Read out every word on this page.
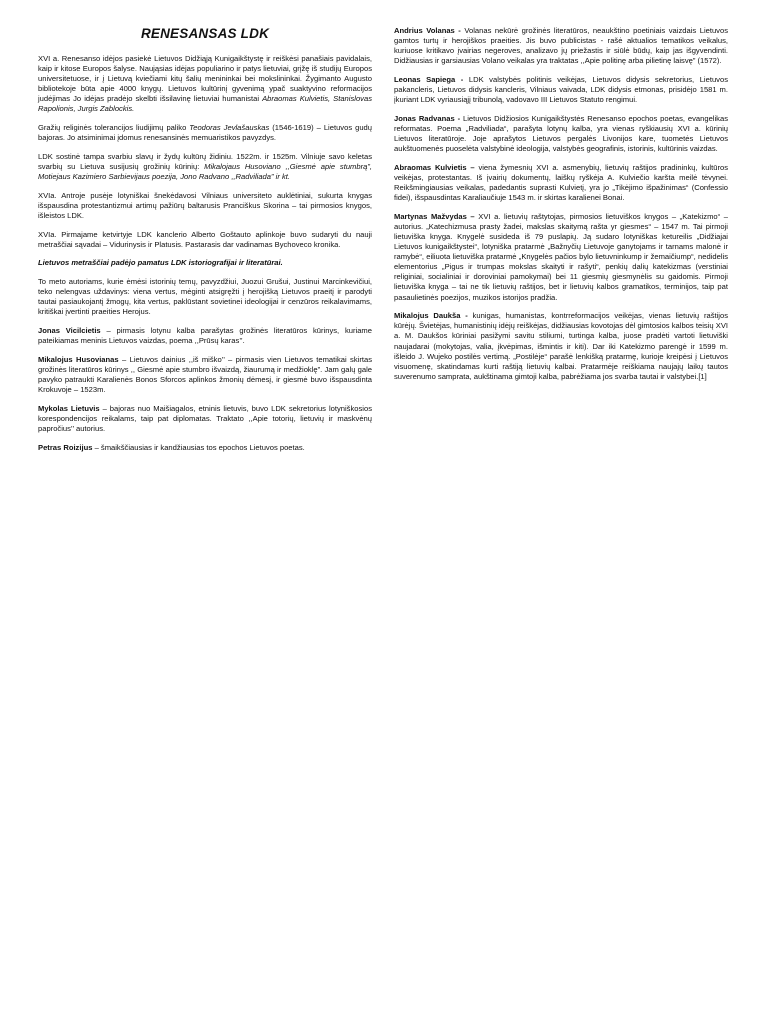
RENESANSAS LDK

XVI a. Renesanso idėjos pasiekė Lietuvos Didžiąją Kunigaikštystę ir reiškėsi panašiais pavidalais, kaip ir kitose Europos šalyse. Naująsias idėjas populiarino ir patys lietuviai, grįžę iš studijų Europos universitetuose, ir į Lietuvą kviečiami kitų šalių menininkai bei mokslininkai. Žygimanto Augusto bibliotekoje būta apie 4000 knygų. Lietuvos kultūrinį gyvenimą ypač suaktyvino reformacijos judėjimas Jo idėjas pradėjo skelbti išsilavinę lietuviai humanistai Abraomas Kulvietis, Stanislovas Rapolionis, Jurgis Zablockis.

Gražių religinės tolerancijos liudijimų paliko Teodoras Jevlašauskas (1546-1619) – Lietuvos gudų bajoras. Jo atsiminimai įdomus renesansinės memuaristikos pavyzdys.

LDK sostinė tampa svarbiu slavų ir žydų kultūrų židiniu. 1522m. ir 1525m. Vilniuje savo keletas svarbių su Lietuva susijusių grožinių kūrinių: Mikalojaus Husoviano ,,Giesmė apie stumbrą”, Motiejaus Kazimiero Sarbievijaus poezija, Jono Radvano ,,Radviliada” ir kt.

XVIa. Antroje pusėje lotyniškai šnekėdavosi Vilniaus universiteto auklėtiniai, sukurta knygas išspausdina protestantizmui artimų pažiūrų baltarusis Pranciškus Skorina – tai pirmosios knygos, išleistos LDK.

XVIa. Pirmajame ketvirtyje LDK kanclerio Alberto Goštauto aplinkoje buvo sudaryti du nauji metraščiai sąvadai – Vidurinysis ir Platusis. Pastarasis dar vadinamas Bychoveco kronika.

Lietuvos metraščiai padėjo pamatus LDK istoriografijai ir literatūrai.

To meto autoriams, kurie ėmėsi istorinių temų, pavyzdžiui, Juozui Grušui, Justinui Marcinkevičiui, teko nelengvas uždavinys: viena vertus, mėginti atsigręžti į herojišką Lietuvos praeitį ir parodyti tautai pasiaukojantį žmogų, kita vertus, paklūstant sovietinei ideologijai ir cenzūros reikalavimams, kritiškai įvertinti praeities Herojus.

Jonas Vicilcietis – pirmasis lotynu kalba parašytas grožinės literatūros kūrinys, kuriame pateikiamas meninis Lietuvos vaizdas, poema ,,Prūsų karas’’.

Mikalojus Husovianas – Lietuvos dainius ,,iš miško’’ – pirmasis vien Lietuvos tematikai skirtas grožinės literatūros kūrinys ,, Giesmė apie stumbro išvaizdą, žiaurumą ir medžioklę”. Jam galų gale pavyko patraukti Karalienės Bonos Sforcos aplinkos žmonių dėmesį, ir giesmė buvo išspausdinta Krokuvoje – 1523m.

Mykolas Lietuvis – bajoras nuo Maišiagalos, etninis lietuvis, buvo LDK sekretorius lotyniškosios korespondencijos reikalams, taip pat diplomatas. Traktato ,,Apie totorių, lietuvių ir maskvėnų papročius’’ autorius.

Petras Roizijus – šmaikščiausias ir kandžiausias tos epochos Lietuvos poetas.

Andrius Volanas - Volanas nekūrė grožinės literatūros, neaukštino poetiniais vaizdais Lietuvos gamtos turtų ir herojiškos praeities. Jis buvo publicistas - rašė aktualios tematikos veikalus, kuriuose kritikavo įvairias negeroves, analizavo jų priežastis ir siūlė būdų, kaip jas išgyvendinti. Didžiausias ir garsiausias Volano veikalas yra traktatas ,,Apie politinę arba pilietinę laisvę” (1572).

Leonas Sapiega - LDK valstybės politinis veikėjas, Lietuvos didysis sekretorius, Lietuvos pakancleris, Lietuvos didysis kancleris, Vilniaus vaivada, LDK didysis etmonas, prisidėjo 1581 m. įkuriant LDK vyriausiąjį tribunolą, vadovavo III Lietuvos Statuto rengimui.

Jonas Radvanas - Lietuvos Didžiosios Kunigaikštystės Renesanso epochos poetas, evangelikas reformatas. Poema „Radviliada“, parašyta lotynų kalba, yra vienas ryškiausių XVI a. kūrinių Lietuvos literatūroje. Joje aprašytos Lietuvos pergalės Livonijos kare, tuometės Lietuvos aukštuomenės puoselėta valstybinė ideologija, valstybės geografinis, istorinis, kultūrinis vaizdas.

Abraomas Kulvietis – viena žymesnių XVI a. asmenybių, lietuvių raštijos pradininkų, kultūros veikėjas, protestantas. Iš įvairių dokumentų, laiškų ryškėja A. Kulviečio karšta meilė tėvynei. Reikšmingiausias veikalas, padedantis suprasti Kulvietį, yra jo „Tikėjimo išpažinimas“ (Confessio fidei), išspausdintas Karaliaučiuje 1543 m. ir skirtas karalienei Bonai.

Martynas Mažvydas – XVI a. lietuvių raštytojas, pirmosios lietuviškos knygos – „Katekizmo“ – autorius. „Katechizmusa prasty žadei, makslas skaitymą rašta yr giesmes“ – 1547 m. Tai pirmoji lietuviška knyga. Knygelė susideda iš 79 puslapių. Ją sudaro lotyniškas ketureilis „Didžiajai Lietuvos kunigaikštystei“, lotyniška pratarmė „Bažnyčių Lietuvoje ganytojams ir tarnams malonė ir ramybė“, eiliuota lietuviška pratarmė „Knygelės pačios bylo lietuvninkump ir žemaičiump“, nedidelis elementorius „Pigus ir trumpas mokslas skaityti ir rašyti“, penkių dalių katekizmas (verstiniai religiniai, socialiniai ir doroviniai pamokymai) bei 11 giesmių giesmynėlis su gaidomis. Pirmoji lietuviška knyga – tai ne tik lietuvių raštijos, bet ir lietuvių kalbos gramatikos, terminijos, taip pat pasaulietinės poezijos, muzikos istorijos pradžia.

Mikalojus Daukša - kunigas, humanistas, kontrreformacijos veikėjas, vienas lietuvių raštijos kūrėjų. Švietėjas, humanistinių idėjų reiškėjas, didžiausias kovotojas dėl gimtosios kalbos teisių XVI a. M. Daukšos kūriniai pasižymi savitu stiliumi, turtinga kalba, juose pradėti vartoti lietuviški naujadarai (mokytojas, valia, įkvėpimas, išmintis ir kiti). Dar iki Katekizmo parengė ir 1599 m. išleido J. Wujeko postilės vertimą. „Postilėje“ parašė lenkišką pratarmę, kurioje kreipėsi į Lietuvos visuomenę, skatindamas kurti raštiją lietuvių kalbai. Pratarmėje reiškiama naujajų laikų tautos suverenumo samprata, aukštinama gimtoji kalba, pabrėžiama jos svarba tautai ir valstybei.[1]
